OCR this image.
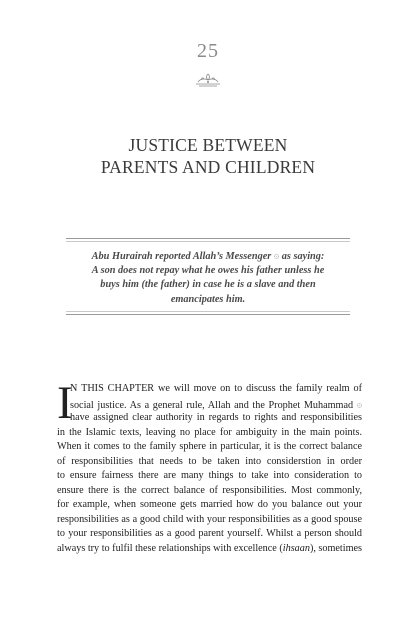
25
JUSTICE BETWEEN
PARENTS AND CHILDREN
Abu Hurairah reported Allah’s Messenger ۞ as saying:
A son does not repay what he owes his father unless he
buys him (the father) in case he is a slave and then
emancipates him.
I
N THIS CHAPTER we will move on to discuss the family realm of
social justice. As a general rule, Allah and the Prophet Muhammad ۞
have assigned clear authority in regards to rights and responsibilities
in the Islamic texts, leaving no place for ambiguity in the main points.
When it comes to the family sphere in particular, it is the correct balance
of responsibilities that needs to be taken into considerstion in order
to ensure fairness there are many things to take into consideration to
ensure there is the correct balance of responsibilities. Most commonly,
for example, when someone gets married how do you balance out your
responsibilities as a good child with your responsibilities as a good spouse
to your responsibilities as a good parent yourself. Whilst a person should
always try to fulfil these relationships with excellence (ihsaan), sometimes
